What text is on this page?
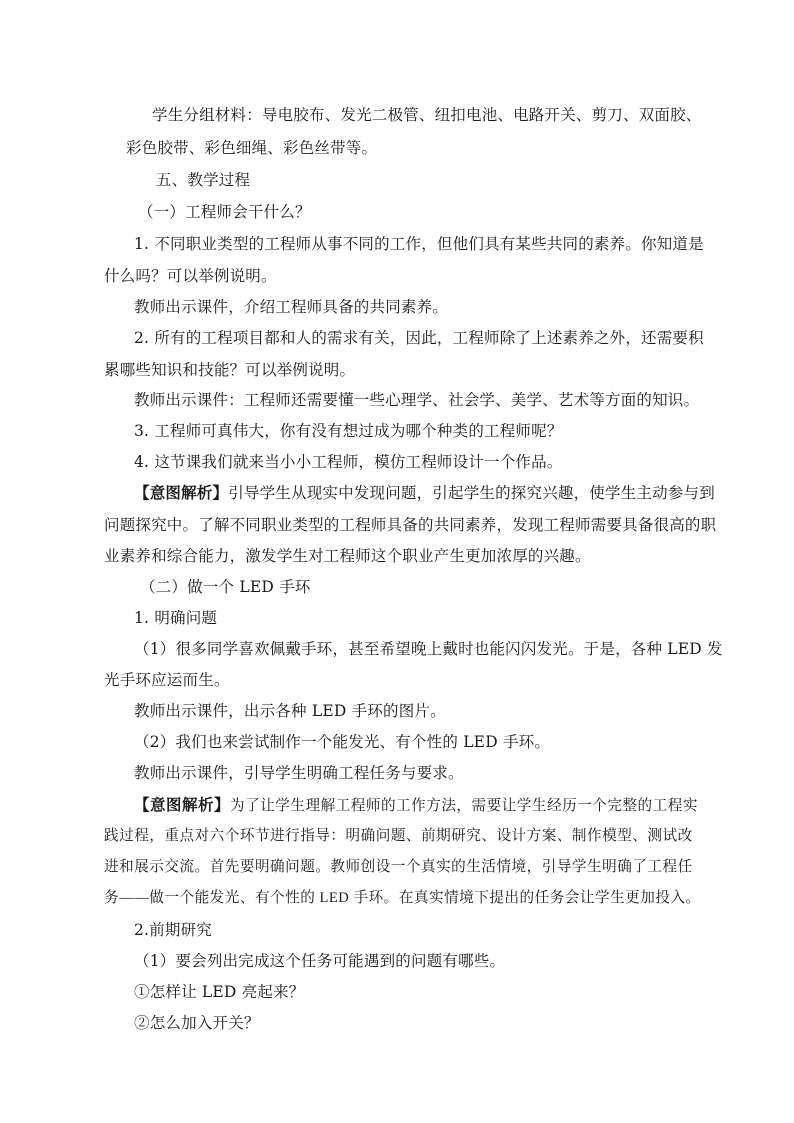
学生分组材料：导电胶布、发光二极管、纽扣电池、电路开关、剪刀、双面胶、
彩色胶带、彩色细绳、彩色丝带等。
五、教学过程
（一）工程师会干什么？
1. 不同职业类型的工程师从事不同的工作，但他们具有某些共同的素养。你知道是
什么吗？可以举例说明。
教师出示课件，介绍工程师具备的共同素养。
2. 所有的工程项目都和人的需求有关，因此，工程师除了上述素养之外，还需要积
累哪些知识和技能？可以举例说明。
教师出示课件：工程师还需要懂一些心理学、社会学、美学、艺术等方面的知识。
3. 工程师可真伟大，你有没有想过成为哪个种类的工程师呢？
4. 这节课我们就来当小小工程师，模仿工程师设计一个作品。
【意图解析】引导学生从现实中发现问题，引起学生的探究兴趣，使学生主动参与到
问题探究中。了解不同职业类型的工程师具备的共同素养，发现工程师需要具备很高的职
业素养和综合能力，激发学生对工程师这个职业产生更加浓厚的兴趣。
（二）做一个 LED 手环
1. 明确问题
（1）很多同学喜欢佩戴手环，甚至希望晚上戴时也能闪闪发光。于是，各种 LED 发
光手环应运而生。
教师出示课件，出示各种 LED 手环的图片。
（2）我们也来尝试制作一个能发光、有个性的 LED 手环。
教师出示课件，引导学生明确工程任务与要求。
【意图解析】为了让学生理解工程师的工作方法，需要让学生经历一个完整的工程实
践过程，重点对六个环节进行指导：明确问题、前期研究、设计方案、制作模型、测试改
进和展示交流。首先要明确问题。教师创设一个真实的生活情境，引导学生明确了工程任
务——做一个能发光、有个性的 LED 手环。在真实情境下提出的任务会让学生更加投入。
2.前期研究
（1）要会列出完成这个任务可能遇到的问题有哪些。
①怎样让 LED 亮起来？
②怎么加入开关？
